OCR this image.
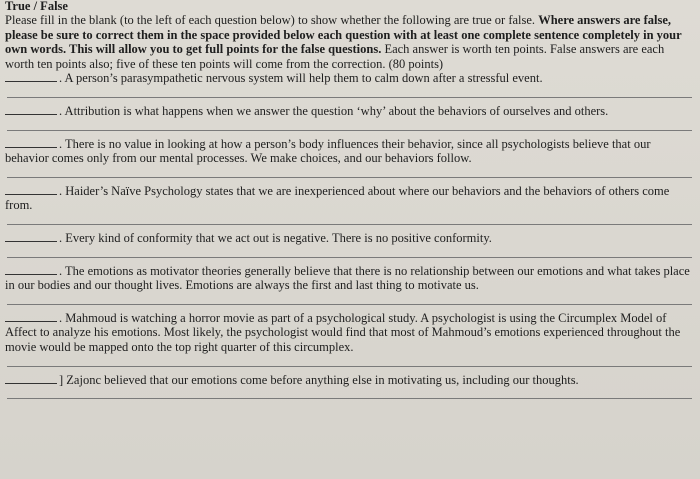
True / False

Please fill in the blank (to the left of each question below) to show whether the following are true or false. Where answers are false, please be sure to correct them in the space provided below each question with at least one complete sentence completely in your own words. This will allow you to get full points for the false questions. Each answer is worth ten points. False answers are each worth ten points also; five of these ten points will come from the correction. (80 points)

. A person’s parasympathetic nervous system will help them to calm down after a stressful event.

. Attribution is what happens when we answer the question ‘why’ about the behaviors of ourselves and others.

. There is no value in looking at how a person’s body influences their behavior, since all psychologists believe that our behavior comes only from our mental processes. We make choices, and our behaviors follow.

. Haider’s Naïve Psychology states that we are inexperienced about where our behaviors and the behaviors of others come from.

. Every kind of conformity that we act out is negative. There is no positive conformity.

. The emotions as motivator theories generally believe that there is no relationship between our emotions and what takes place in our bodies and our thought lives. Emotions are always the first and last thing to motivate us.

. Mahmoud is watching a horror movie as part of a psychological study. A psychologist is using the Circumplex Model of Affect to analyze his emotions. Most likely, the psychologist would find that most of Mahmoud’s emotions experienced throughout the movie would be mapped onto the top right quarter of this circumplex.

] Zajonc believed that our emotions come before anything else in motivating us, including our thoughts.
